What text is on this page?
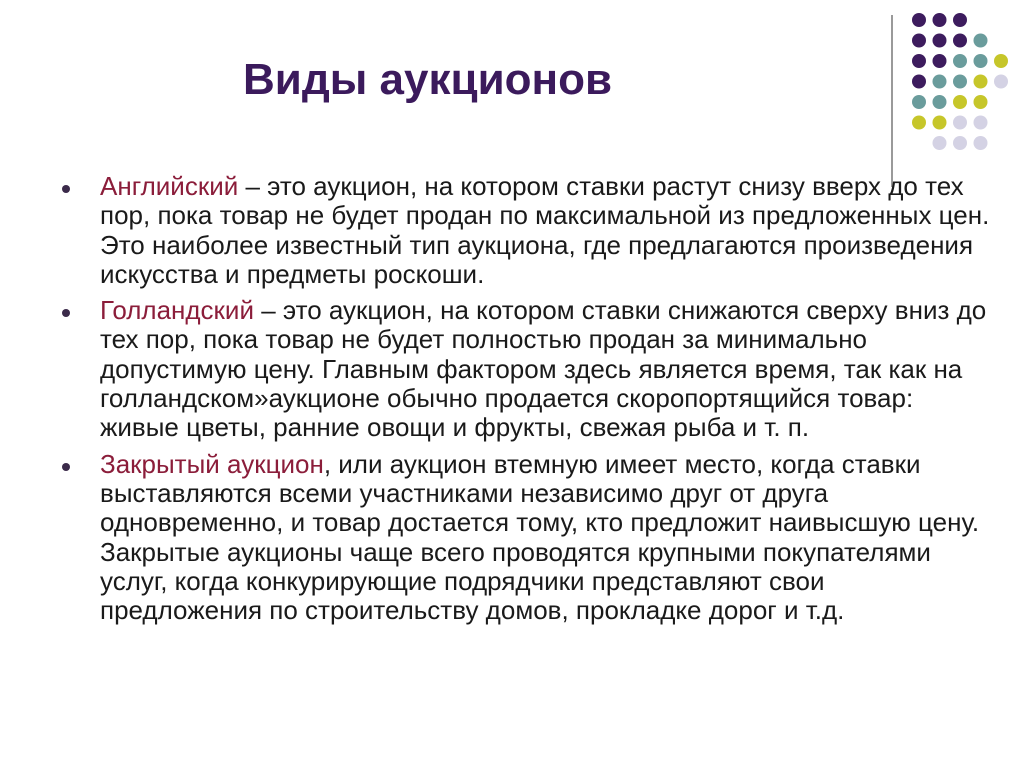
Виды аукционов
Английский – это аукцион, на котором ставки растут снизу вверх до тех пор, пока товар не будет продан по максимальной из предложенных цен. Это наиболее известный тип аукциона, где предлагаются произведения искусства и предметы роскоши.
Голландский – это аукцион, на котором ставки снижаются сверху вниз до тех пор, пока товар не будет полностью продан за минимально допустимую цену. Главным фактором здесь является время, так как на голландском»аукционе обычно продается скоропортящийся товар: живые цветы, ранние овощи и фрукты, свежая рыба и т. п.
Закрытый аукцион, или аукцион втемную имеет место, когда ставки выставляются всеми участниками независимо друг от друга одновременно, и товар достается тому, кто предложит наивысшую цену. Закрытые аукционы чаще всего проводятся крупными покупателями услуг, когда конкурирующие подрядчики представляют свои предложения по строительству домов, прокладке дорог и т.д.
